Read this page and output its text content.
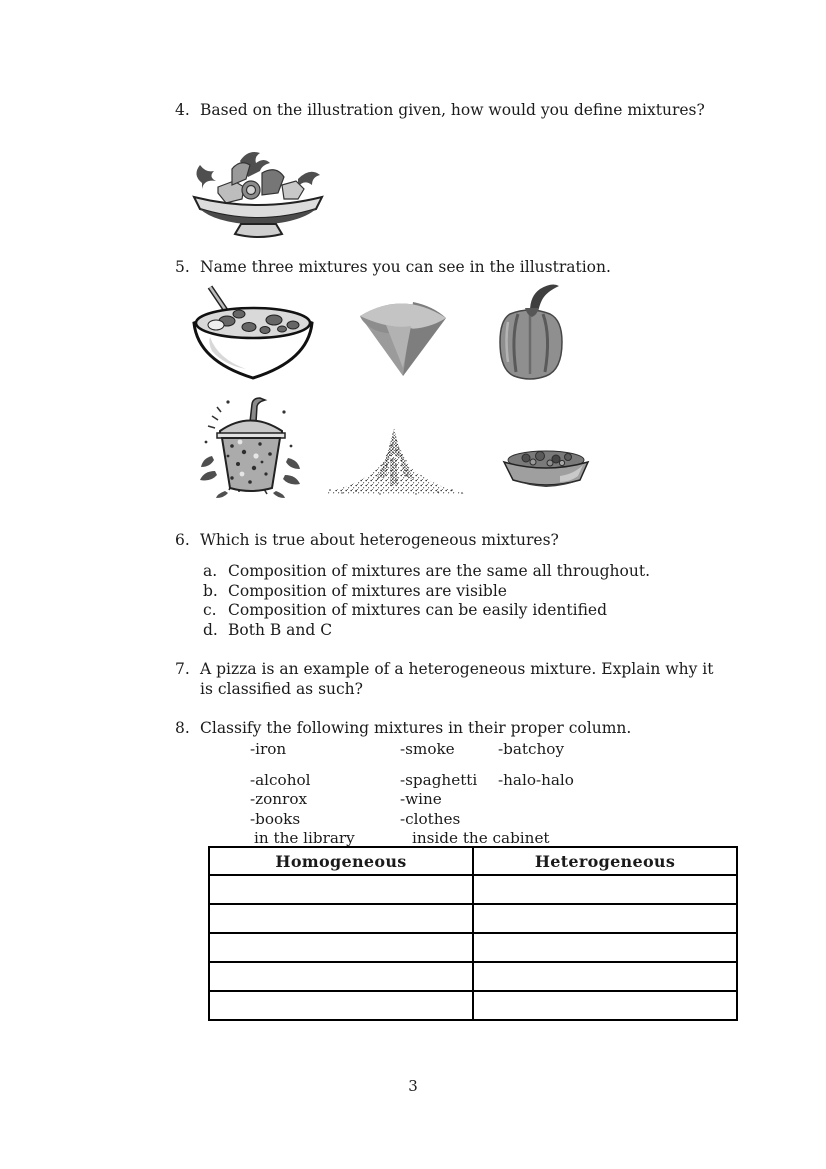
4. Based on the illustration given, how would you define mixtures?
5. Name three mixtures you can see in the illustration.
6. Which is true about heterogeneous mixtures?
a. Composition of mixtures are the same all throughout.
b. Composition of mixtures are visible
c. Composition of mixtures can be easily identified
d. Both B and C
7. A pizza is an example of a heterogeneous mixture. Explain why it is classified as such?
8. Classify the following mixtures in their proper column.
-iron	-smoke	-batchoy
-alcohol	-spaghetti -halo-halo
-zonrox	-wine
-books	-clothes
in the library	inside the cabinet
Homogeneous	Heterogeneous

3
